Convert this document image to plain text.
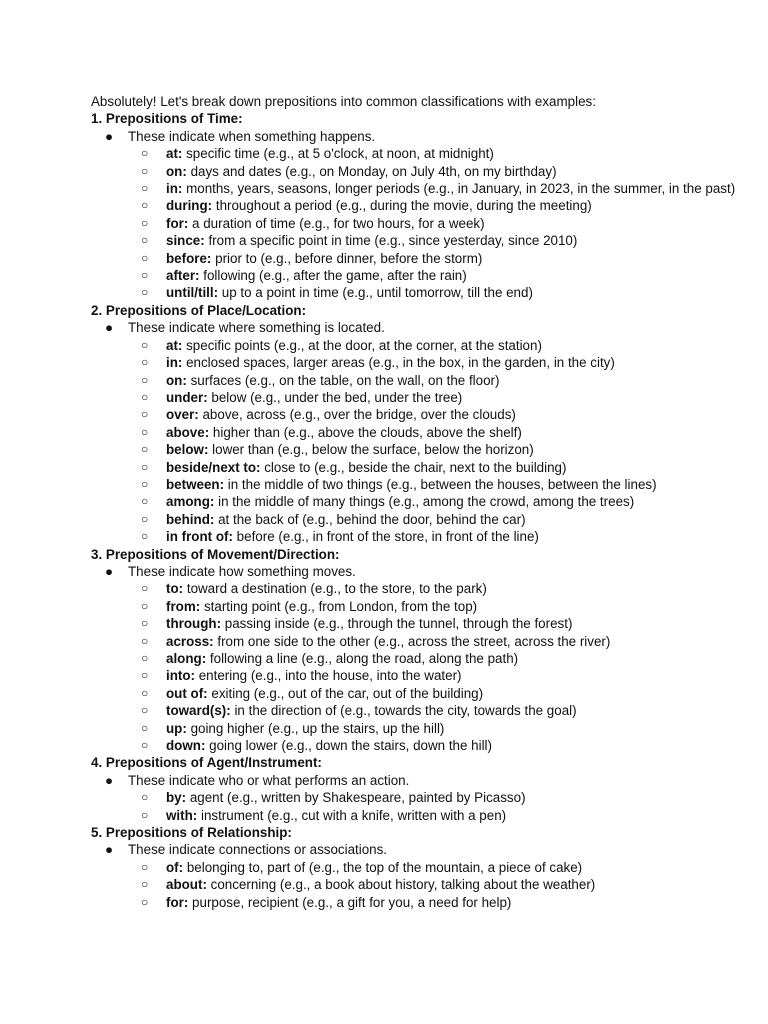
Absolutely! Let's break down prepositions into common classifications with examples:
1. Prepositions of Time:
● These indicate when something happens.
○ at: specific time (e.g., at 5 o'clock, at noon, at midnight)
○ on: days and dates (e.g., on Monday, on July 4th, on my birthday)
○ in: months, years, seasons, longer periods (e.g., in January, in 2023, in the summer, in the past)
○ during: throughout a period (e.g., during the movie, during the meeting)
○ for: a duration of time (e.g., for two hours, for a week)
○ since: from a specific point in time (e.g., since yesterday, since 2010)
○ before: prior to (e.g., before dinner, before the storm)
○ after: following (e.g., after the game, after the rain)
○ until/till: up to a point in time (e.g., until tomorrow, till the end)
2. Prepositions of Place/Location:
● These indicate where something is located.
○ at: specific points (e.g., at the door, at the corner, at the station)
○ in: enclosed spaces, larger areas (e.g., in the box, in the garden, in the city)
○ on: surfaces (e.g., on the table, on the wall, on the floor)
○ under: below (e.g., under the bed, under the tree)
○ over: above, across (e.g., over the bridge, over the clouds)
○ above: higher than (e.g., above the clouds, above the shelf)
○ below: lower than (e.g., below the surface, below the horizon)
○ beside/next to: close to (e.g., beside the chair, next to the building)
○ between: in the middle of two things (e.g., between the houses, between the lines)
○ among: in the middle of many things (e.g., among the crowd, among the trees)
○ behind: at the back of (e.g., behind the door, behind the car)
○ in front of: before (e.g., in front of the store, in front of the line)
3. Prepositions of Movement/Direction:
● These indicate how something moves.
○ to: toward a destination (e.g., to the store, to the park)
○ from: starting point (e.g., from London, from the top)
○ through: passing inside (e.g., through the tunnel, through the forest)
○ across: from one side to the other (e.g., across the street, across the river)
○ along: following a line (e.g., along the road, along the path)
○ into: entering (e.g., into the house, into the water)
○ out of: exiting (e.g., out of the car, out of the building)
○ toward(s): in the direction of (e.g., towards the city, towards the goal)
○ up: going higher (e.g., up the stairs, up the hill)
○ down: going lower (e.g., down the stairs, down the hill)
4. Prepositions of Agent/Instrument:
● These indicate who or what performs an action.
○ by: agent (e.g., written by Shakespeare, painted by Picasso)
○ with: instrument (e.g., cut with a knife, written with a pen)
5. Prepositions of Relationship:
● These indicate connections or associations.
○ of: belonging to, part of (e.g., the top of the mountain, a piece of cake)
○ about: concerning (e.g., a book about history, talking about the weather)
○ for: purpose, recipient (e.g., a gift for you, a need for help)
